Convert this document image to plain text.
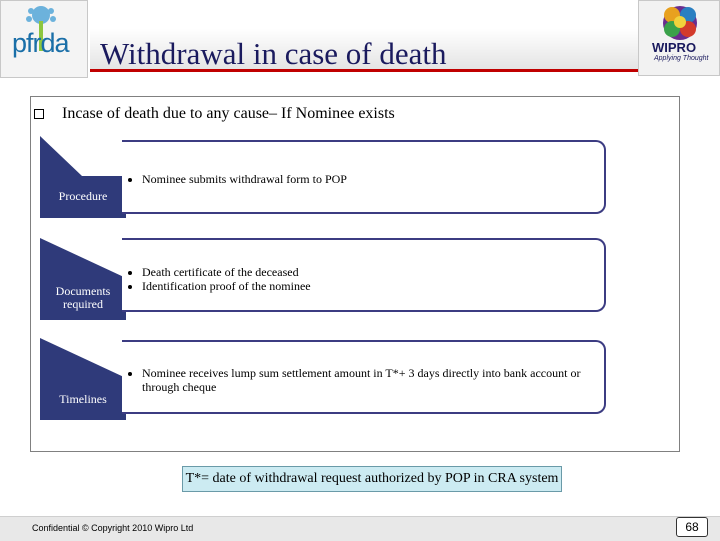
Withdrawal in case of death
pfrda	WIPRO
Applying Thought
Incase of death due to any cause– If Nominee exists
Procedure
• Nominee submits withdrawal form to POP
Documents required
• Death certificate of the deceased
• Identification proof of the nominee
Timelines
• Nominee receives lump sum settlement amount in T*+ 3 days directly into bank account or through cheque
T*= date of withdrawal request authorized by POP in CRA system
Confidential © Copyright 2010 Wipro Ltd	68
